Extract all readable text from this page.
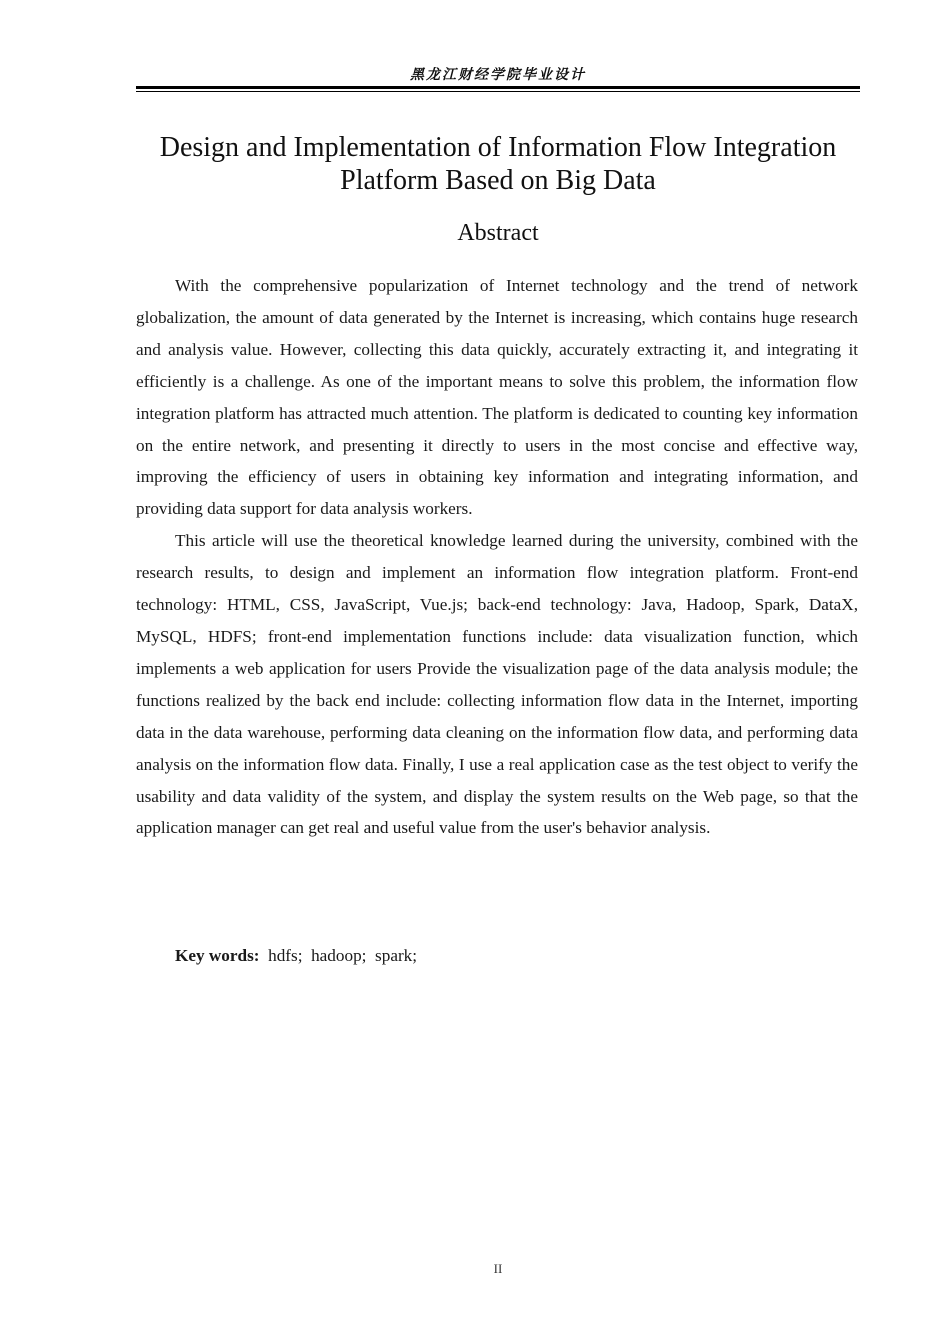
黑龙江财经学院毕业设计
Design and Implementation of Information Flow Integration
Platform Based on Big Data
Abstract

With the comprehensive popularization of Internet technology and the trend of network globalization, the amount of data generated by the Internet is increasing, which contains huge research and analysis value. However, collecting this data quickly, accurately extracting it, and integrating it efficiently is a challenge. As one of the important means to solve this problem, the information flow integration platform has attracted much attention. The platform is dedicated to counting key information on the entire network, and presenting it directly to users in the most concise and effective way, improving the efficiency of users in obtaining key information and integrating information, and providing data support for data analysis workers.

This article will use the theoretical knowledge learned during the university, combined with the research results, to design and implement an information flow integration platform. Front-end technology: HTML, CSS, JavaScript, Vue.js; back-end technology: Java, Hadoop, Spark, DataX, MySQL, HDFS; front-end implementation functions include: data visualization function, which implements a web application for users Provide the visualization page of the data analysis module; the functions realized by the back end include: collecting information flow data in the Internet, importing data in the data warehouse, performing data cleaning on the information flow data, and performing data analysis on the information flow data. Finally, I use a real application case as the test object to verify the usability and data validity of the system, and display the system results on the Web page, so that the application manager can get real and useful value from the user's behavior analysis.

Key words: hdfs; hadoop; spark;
II
